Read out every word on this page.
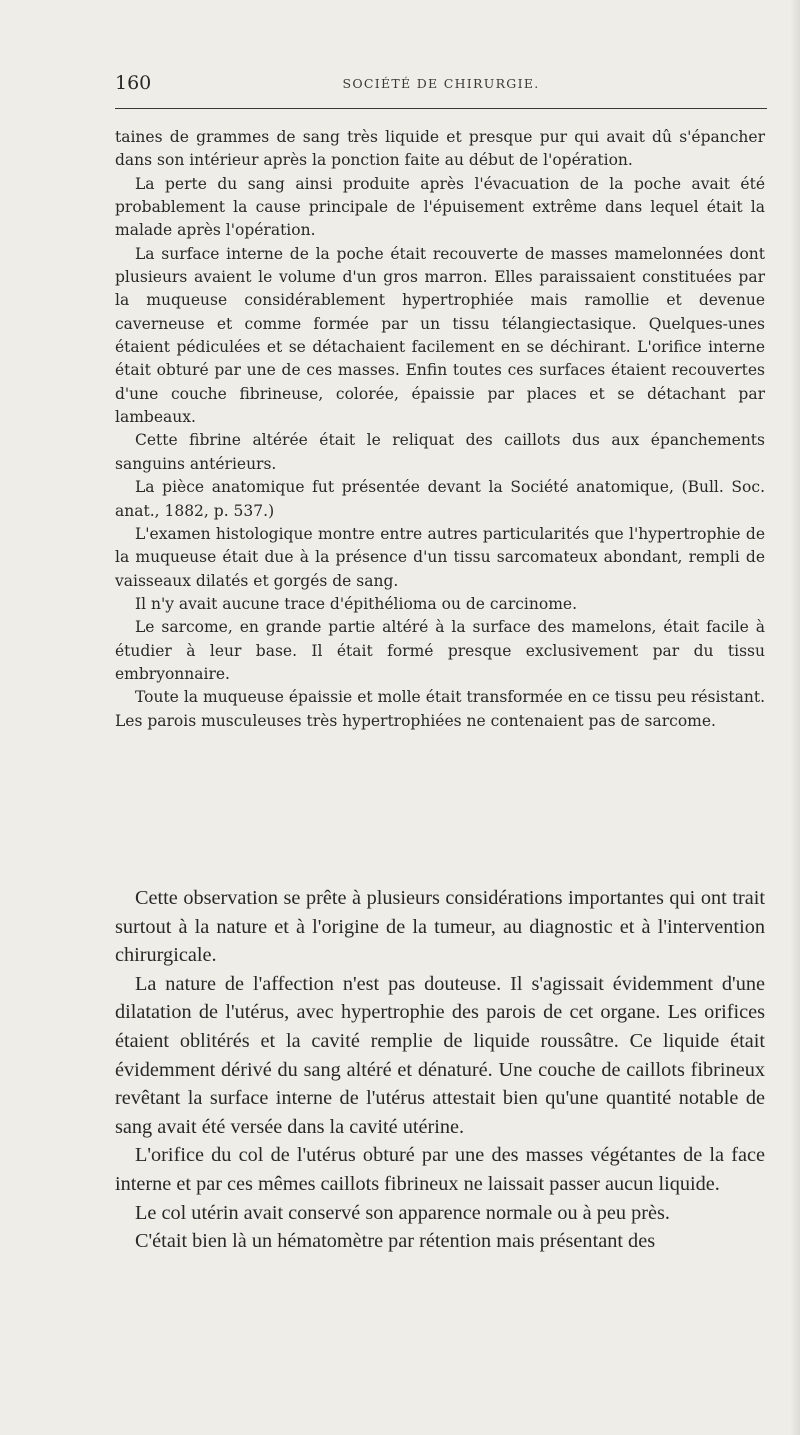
160	SOCIÉTÉ DE CHIRURGIE.

taines de grammes de sang très liquide et presque pur qui avait dû s'épancher dans son intérieur après la ponction faite au début de l'opération.

La perte du sang ainsi produite après l'évacuation de la poche avait été probablement la cause principale de l'épuisement extrême dans lequel était la malade après l'opération.

La surface interne de la poche était recouverte de masses mamelonnées dont plusieurs avaient le volume d'un gros marron. Elles paraissaient constituées par la muqueuse considérablement hypertrophiée mais ramollie et devenue caverneuse et comme formée par un tissu télangiectasique. Quelques-unes étaient pédiculées et se détachaient facilement en se déchirant. L'orifice interne était obturé par une de ces masses. Enfin toutes ces surfaces étaient recouvertes d'une couche fibrineuse, colorée, épaissie par places et se détachant par lambeaux.

Cette fibrine altérée était le reliquat des caillots dus aux épanchements sanguins antérieurs.

La pièce anatomique fut présentée devant la Société anatomique, (Bull. Soc. anat., 1882, p. 537.)

L'examen histologique montre entre autres particularités que l'hypertrophie de la muqueuse était due à la présence d'un tissu sarcomateux abondant, rempli de vaisseaux dilatés et gorgés de sang.

Il n'y avait aucune trace d'épithélioma ou de carcinome.

Le sarcome, en grande partie altéré à la surface des mamelons, était facile à étudier à leur base. Il était formé presque exclusivement par du tissu embryonnaire.

Toute la muqueuse épaissie et molle était transformée en ce tissu peu résistant. Les parois musculeuses très hypertrophiées ne contenaient pas de sarcome.

Cette observation se prête à plusieurs considérations importantes qui ont trait surtout à la nature et à l'origine de la tumeur, au diagnostic et à l'intervention chirurgicale.

La nature de l'affection n'est pas douteuse. Il s'agissait évidemment d'une dilatation de l'utérus, avec hypertrophie des parois de cet organe. Les orifices étaient oblitérés et la cavité remplie de liquide roussâtre. Ce liquide était évidemment dérivé du sang altéré et dénaturé. Une couche de caillots fibrineux revêtant la surface interne de l'utérus attestait bien qu'une quantité notable de sang avait été versée dans la cavité utérine.

L'orifice du col de l'utérus obturé par une des masses végétantes de la face interne et par ces mêmes caillots fibrineux ne laissait passer aucun liquide.

Le col utérin avait conservé son apparence normale ou à peu près.

C'était bien là un hématomètre par rétention mais présentant des
